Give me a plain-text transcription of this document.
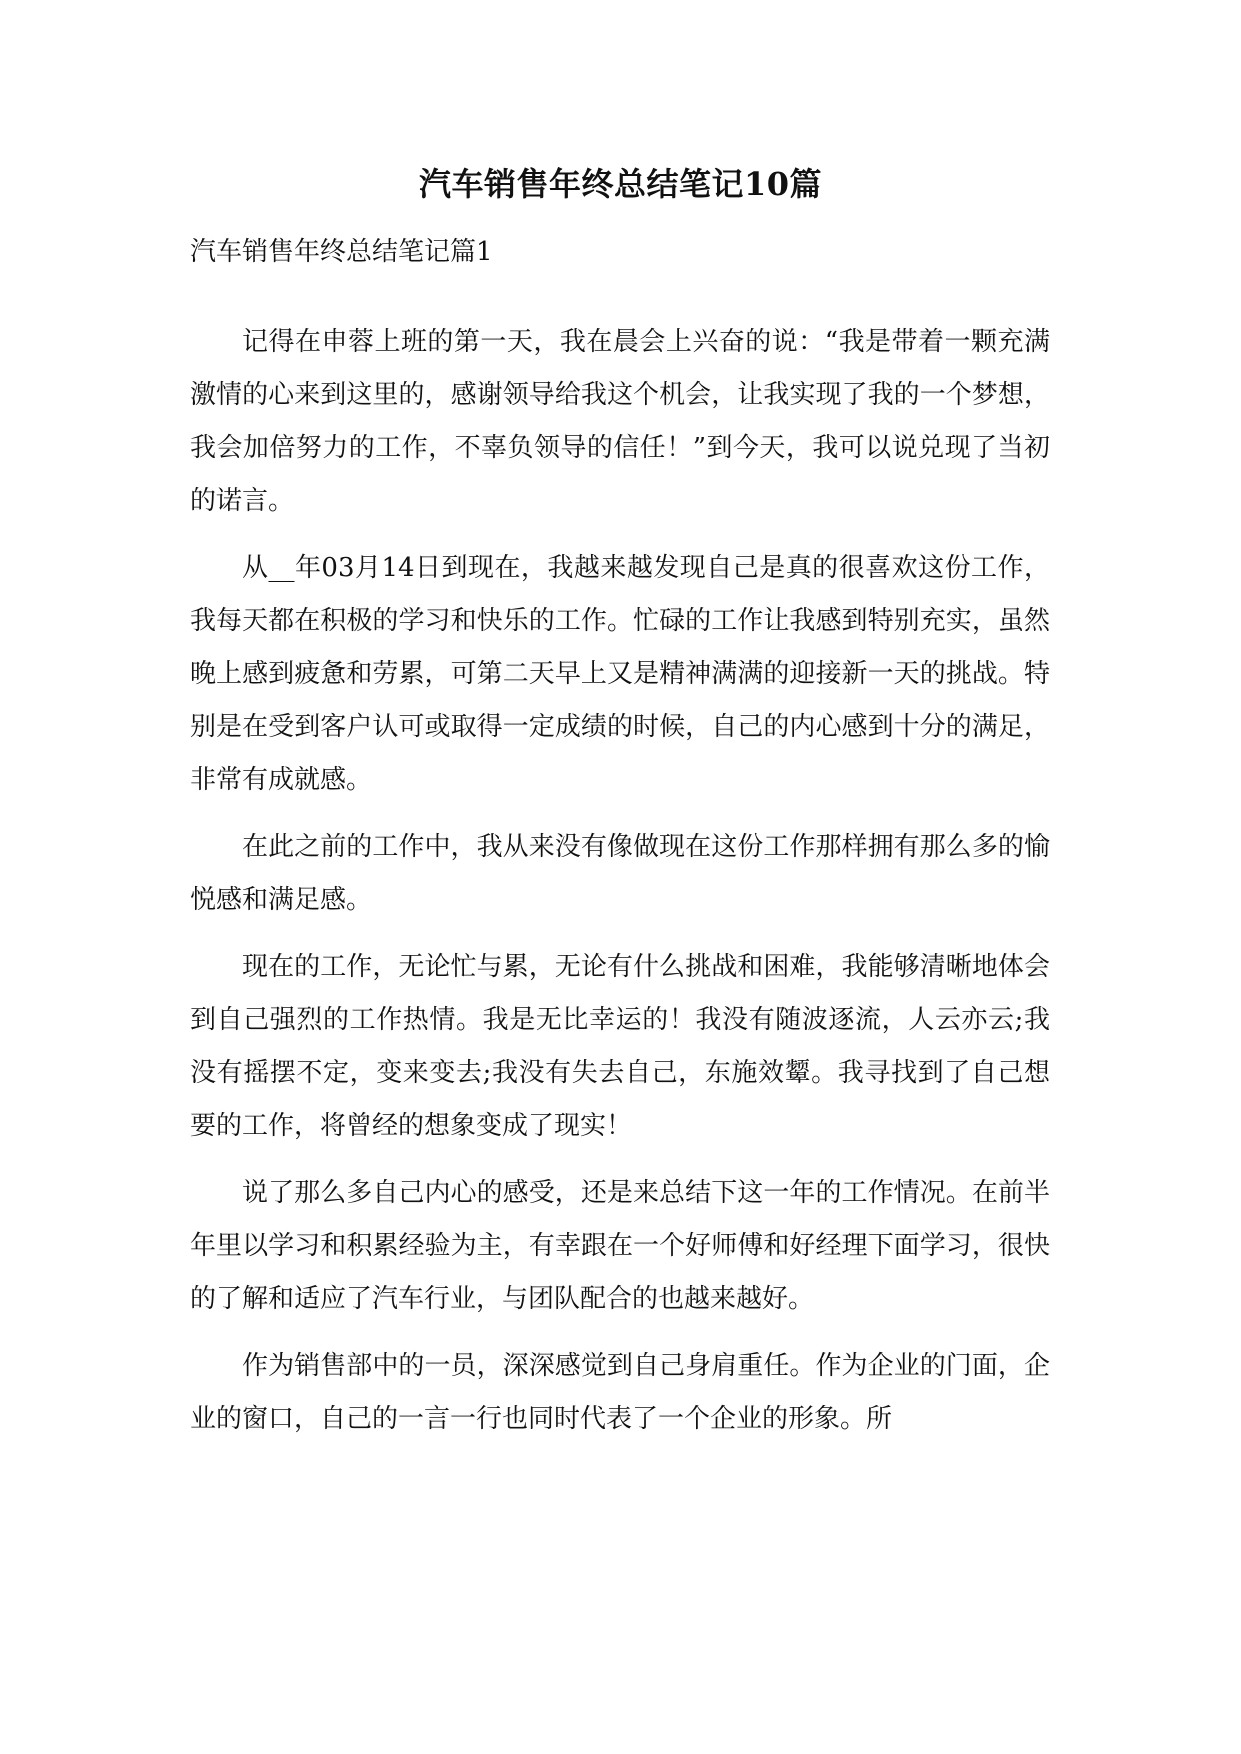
汽车销售年终总结笔记10篇
汽车销售年终总结笔记篇1

记得在申蓉上班的第一天，我在晨会上兴奋的说：“我是带着一颗充满激情的心来到这里的，感谢领导给我这个机会，让我实现了我的一个梦想，我会加倍努力的工作，不辜负领导的信任！”到今天，我可以说兑现了当初的诺言。

从__年03月14日到现在，我越来越发现自己是真的很喜欢这份工作，我每天都在积极的学习和快乐的工作。忙碌的工作让我感到特别充实，虽然晚上感到疲惫和劳累，可第二天早上又是精神满满的迎接新一天的挑战。特别是在受到客户认可或取得一定成绩的时候，自己的内心感到十分的满足，非常有成就感。

在此之前的工作中，我从来没有像做现在这份工作那样拥有那么多的愉悦感和满足感。

现在的工作，无论忙与累，无论有什么挑战和困难，我能够清晰地体会到自己强烈的工作热情。我是无比幸运的！我没有随波逐流，人云亦云;我没有摇摆不定，变来变去;我没有失去自己，东施效颦。我寻找到了自己想要的工作，将曾经的想象变成了现实！

说了那么多自己内心的感受，还是来总结下这一年的工作情况。在前半年里以学习和积累经验为主，有幸跟在一个好师傅和好经理下面学习，很快的了解和适应了汽车行业，与团队配合的也越来越好。

作为销售部中的一员，深深感觉到自己身肩重任。作为企业的门面，企业的窗口，自己的一言一行也同时代表了一个企业的形象。所
